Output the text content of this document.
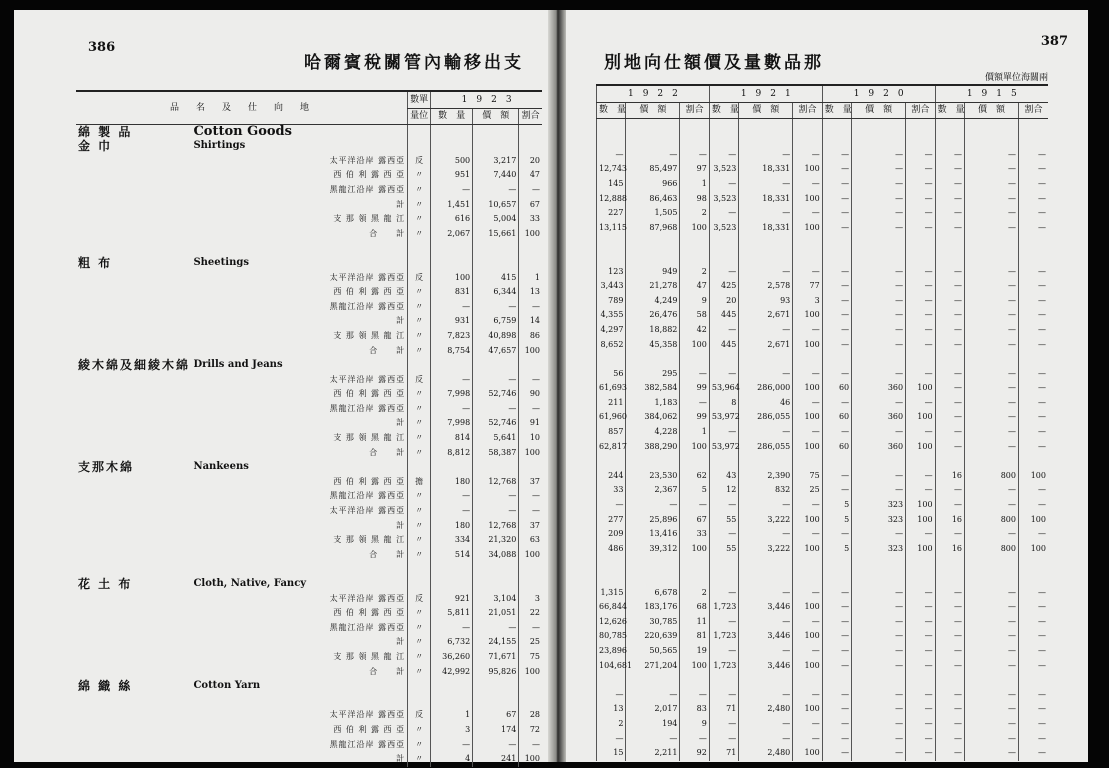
386
哈爾賓稅關管內輸移出支
品　名　及　仕　向　地			數單	1　9　2　3		
			量位	數　量	價　額	割合
綿 製 品	Cotton Goods					
金 巾	Shirtings					
		太平洋沿岸 露西亞	反	500	3,217	20
		西 伯 利 露 西 亞	〃	951	7,440	47
		黑龍江沿岸 露西亞	〃	—	—	—
		計	〃	1,451	10,657	67
		支 那 領 黑 龍 江	〃	616	5,004	33
		合　　計	〃	2,067	15,661	100

粗 布	Sheetings					
		太平洋沿岸 露西亞	反	100	415	1
		西 伯 利 露 西 亞	〃	831	6,344	13
		黑龍江沿岸 露西亞	〃	—	—	—
		計	〃	931	6,759	14
		支 那 領 黑 龍 江	〃	7,823	40,898	86
		合　　計	〃	8,754	47,657	100
綾木綿及細綾木綿	Drills and Jeans					
		太平洋沿岸 露西亞	反	—	—	—
		西 伯 利 露 西 亞	〃	7,998	52,746	90
		黑龍江沿岸 露西亞	〃	—	—	—
		計	〃	7,998	52,746	91
		支 那 領 黑 龍 江	〃	814	5,641	10
		合　　計	〃	8,812	58,387	100
支那木綿	Nankeens					
		西 伯 利 露 西 亞	擔	180	12,768	37
		黑龍江沿岸 露西亞	〃	—	—	—
		太平洋沿岸 露西亞	〃	—	—	—
		計	〃	180	12,768	37
		支 那 領 黑 龍 江	〃	334	21,320	63
		合　　計	〃	514	34,088	100

花 土 布	Cloth, Native, Fancy					
		太平洋沿岸 露西亞	反	921	3,104	3
		西 伯 利 露 西 亞	〃	5,811	21,051	22
		黑龍江沿岸 露西亞	〃	—	—	—
		計	〃	6,732	24,155	25
		支 那 領 黑 龍 江	〃	36,260	71,671	75
		合　　計	〃	42,992	95,826	100
綿 織 絲	Cotton Yarn					

		太平洋沿岸 露西亞	反	1	67	28
		西 伯 利 露 西 亞	〃	3	174	72
		黑龍江沿岸 露西亞	〃	—	—	—
		計	〃	4	241	100
別地向仕額價及量數品那
387
價額單位海關兩
1　9　2　2			1　9　2　1			1　9　2　0			1　9　1　5		
數　量	價　額	割合	數　量	價　額	割合	數　量	價　額	割合	數　量	價　額	割合

—	—	—	—	—	—	—	—	—	—	—	—
12,743	85,497	97	3,523	18,331	100	—	—	—	—	—	—
145	966	1	—	—	—	—	—	—	—	—	—
12,888	86,463	98	3,523	18,331	100	—	—	—	—	—	—
227	1,505	2	—	—	—	—	—	—	—	—	—
13,115	87,968	100	3,523	18,331	100	—	—	—	—	—	—

123	949	2	—	—	—	—	—	—	—	—	—
3,443	21,278	47	425	2,578	77	—	—	—	—	—	—
789	4,249	9	20	93	3	—	—	—	—	—	—
4,355	26,476	58	445	2,671	100	—	—	—	—	—	—
4,297	18,882	42	—	—	—	—	—	—	—	—	—
8,652	45,358	100	445	2,671	100	—	—	—	—	—	—

56	295	—	—	—	—	—	—	—	—	—	—
61,693	382,584	99	53,964	286,000	100	60	360	100	—	—	—
211	1,183	—	8	46	—	—	—	—	—	—	—
61,960	384,062	99	53,972	286,055	100	60	360	100	—	—	—
857	4,228	1	—	—	—	—	—	—	—	—	—
62,817	388,290	100	53,972	286,055	100	60	360	100	—	—	—

244	23,530	62	43	2,390	75	—	—	—	16	800	100
33	2,367	5	12	832	25	—	—	—	—	—	—
—	—	—	—	—	—	5	323	100	—	—	—
277	25,896	67	55	3,222	100	5	323	100	16	800	100
209	13,416	33	—	—	—	—	—	—	—	—	—
486	39,312	100	55	3,222	100	5	323	100	16	800	100

1,315	6,678	2	—	—	—	—	—	—	—	—	—
66,844	183,176	68	1,723	3,446	100	—	—	—	—	—	—
12,626	30,785	11	—	—	—	—	—	—	—	—	—
80,785	220,639	81	1,723	3,446	100	—	—	—	—	—	—
23,896	50,565	19	—	—	—	—	—	—	—	—	—
104,681	271,204	100	1,723	3,446	100	—	—	—	—	—	—

—	—	—	—	—	—	—	—	—	—	—	—
13	2,017	83	71	2,480	100	—	—	—	—	—	—
2	194	9	—	—	—	—	—	—	—	—	—
—	—	—	—	—	—	—	—	—	—	—	—
15	2,211	92	71	2,480	100	—	—	—	—	—	—
